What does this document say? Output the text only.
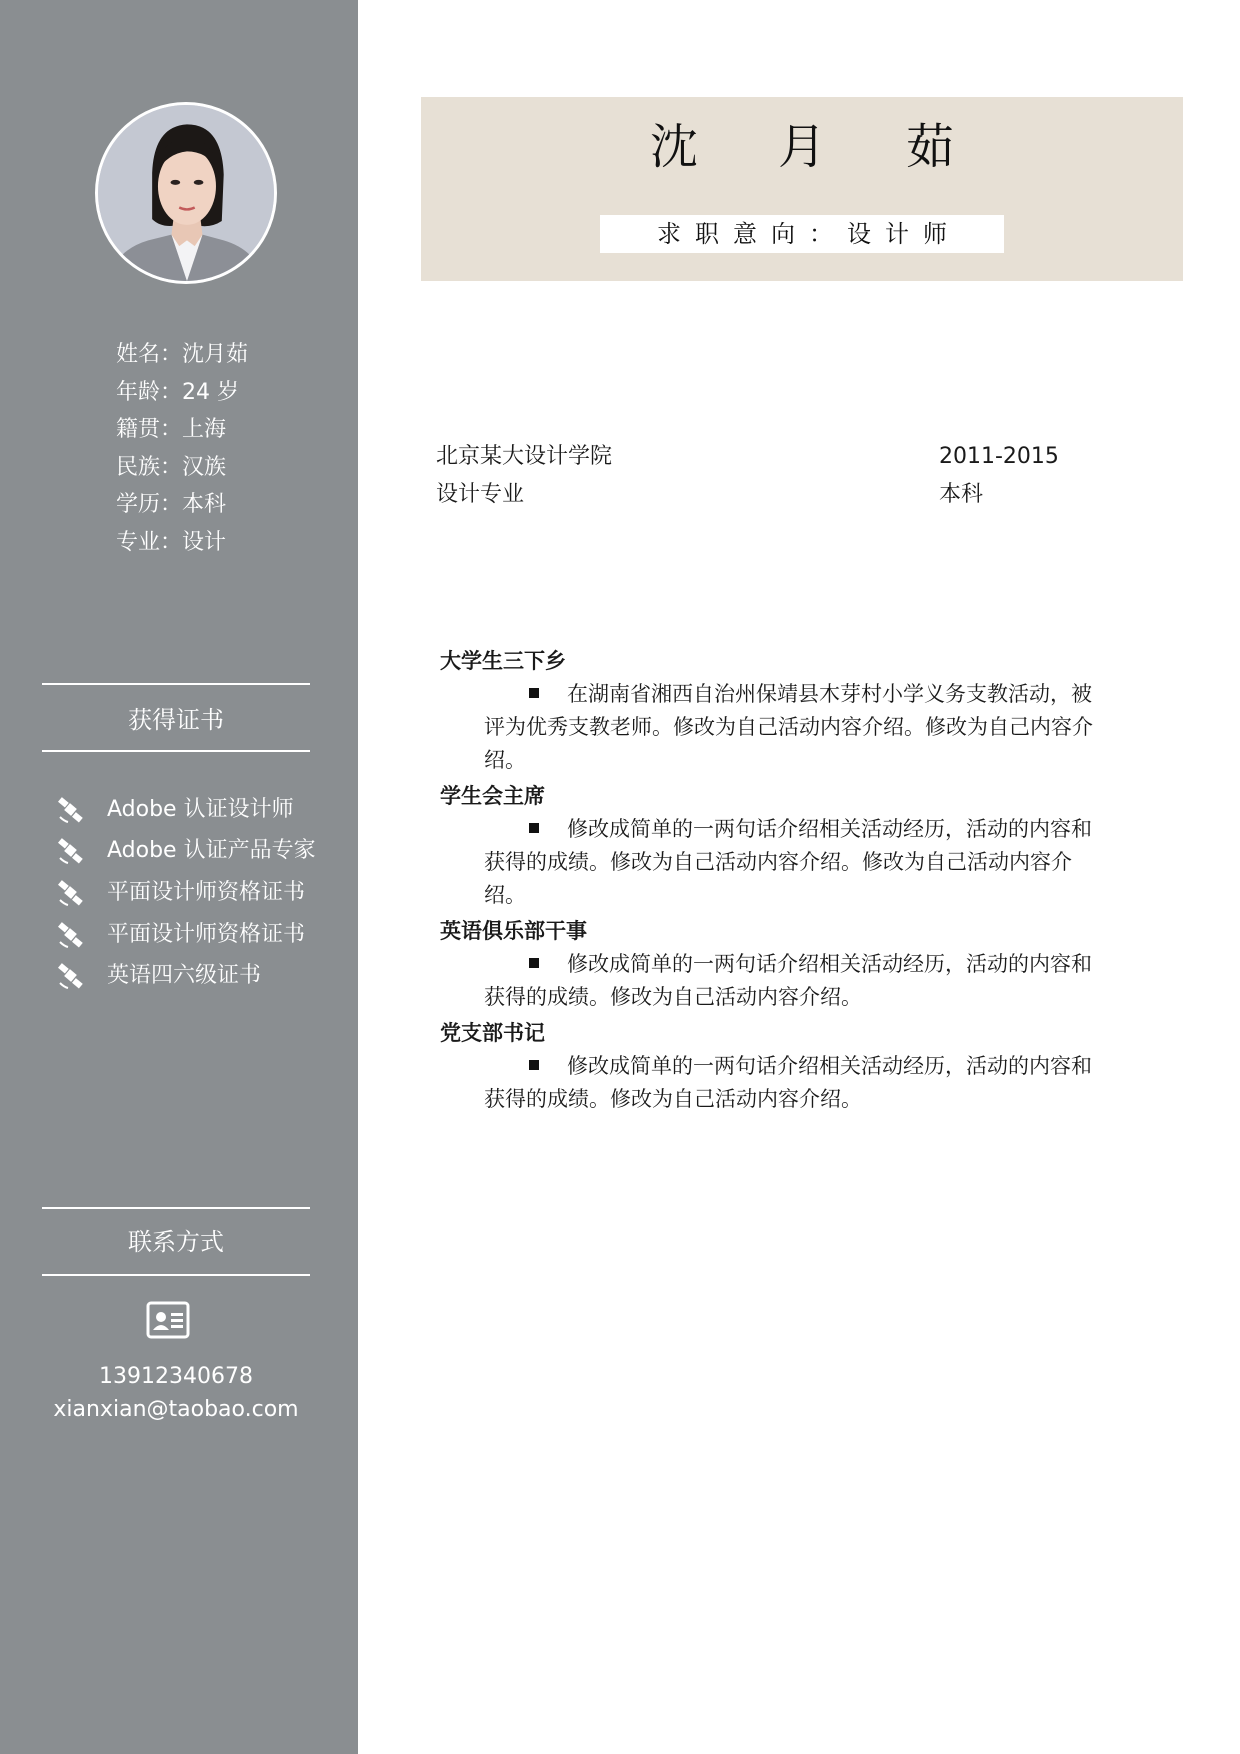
姓名：沈月茹
年龄：24 岁
籍贯：上海
民族：汉族
学历：本科
专业：设计
获得证书
Adobe 认证设计师
Adobe 认证产品专家
平面设计师资格证书
平面设计师资格证书
英语四六级证书
联系方式
13912340678
xianxian@taobao.com
沈月茹
求职意向：设计师
北京某大设计学院	2011-2015
设计专业	本科
大学生三下乡
在湖南省湘西自治州保靖县木芽村小学义务支教活动，被评为优秀支教老师。修改为自己活动内容介绍。修改为自己内容介绍。
学生会主席
修改成简单的一两句话介绍相关活动经历，活动的内容和获得的成绩。修改为自己活动内容介绍。修改为自己活动内容介绍。
英语俱乐部干事
修改成简单的一两句话介绍相关活动经历，活动的内容和获得的成绩。修改为自己活动内容介绍。
党支部书记
修改成简单的一两句话介绍相关活动经历，活动的内容和获得的成绩。修改为自己活动内容介绍。
